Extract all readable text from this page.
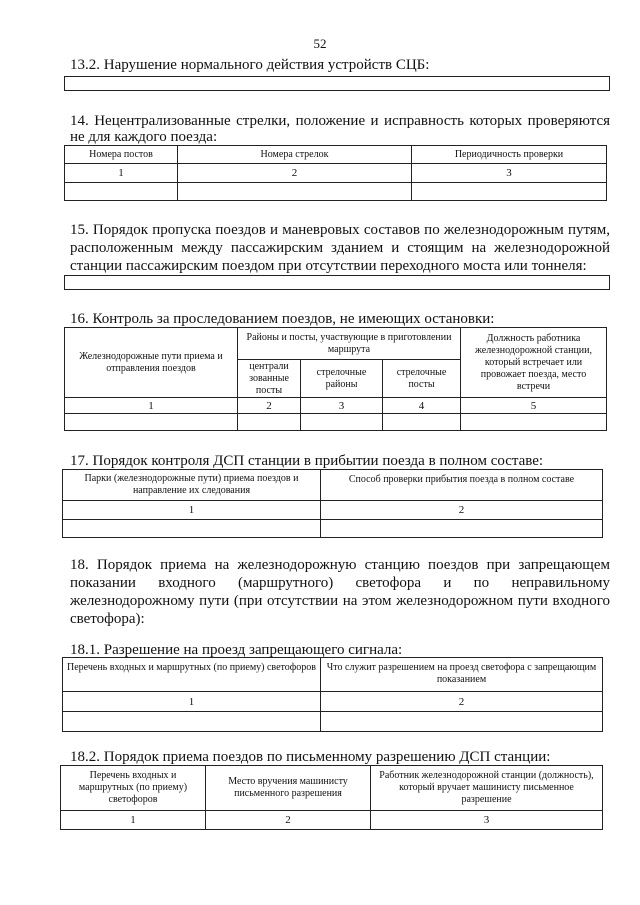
52
13.2. Нарушение нормального действия устройств СЦБ:
14. Нецентрализованные стрелки, положение и исправность которых проверяются
не для каждого поезда:
Номера постов	Номера стрелок	Периодичность проверки
1	2	3

15. Порядок пропуска поездов и маневровых составов по железнодорожным путям,
расположенным между пассажирским зданием и стоящим на железнодорожной
станции пассажирским поездом при отсутствии переходного моста или тоннеля:
16. Контроль за проследованием поездов, не имеющих остановки:
Железнодорожные пути приема и отправления поездов	Районы и посты, участвующие в приготовлении маршрута			Должность работника железнодорожной станции, который встречает или провожает поезда, место встречи
	централи зованные посты	стрелочные районы	стрелочные посты	
1	2	3	4	5

17. Порядок контроля ДСП станции в прибытии поезда в полном составе:
Парки (железнодорожные пути) приема поездов и направление их следования	Способ проверки прибытия поезда в полном составе
1	2

18. Порядок приема на железнодорожную станцию поездов при запрещающем
показании входного (маршрутного) светофора и по неправильному
железнодорожному пути (при отсутствии на этом железнодорожном пути входного
светофора):
18.1. Разрешение на проезд запрещающего сигнала:
Перечень входных и маршрутных (по приему) светофоров	Что служит разрешением на проезд светофора с запрещающим показанием
1	2

18.2. Порядок приема поездов по письменному разрешению ДСП станции:
Перечень входных и маршрутных (по приему) светофоров	Место вручения машинисту письменного разрешения	Работник железнодорожной станции (должность), который вручает машинисту письменное разрешение
1	2	3
